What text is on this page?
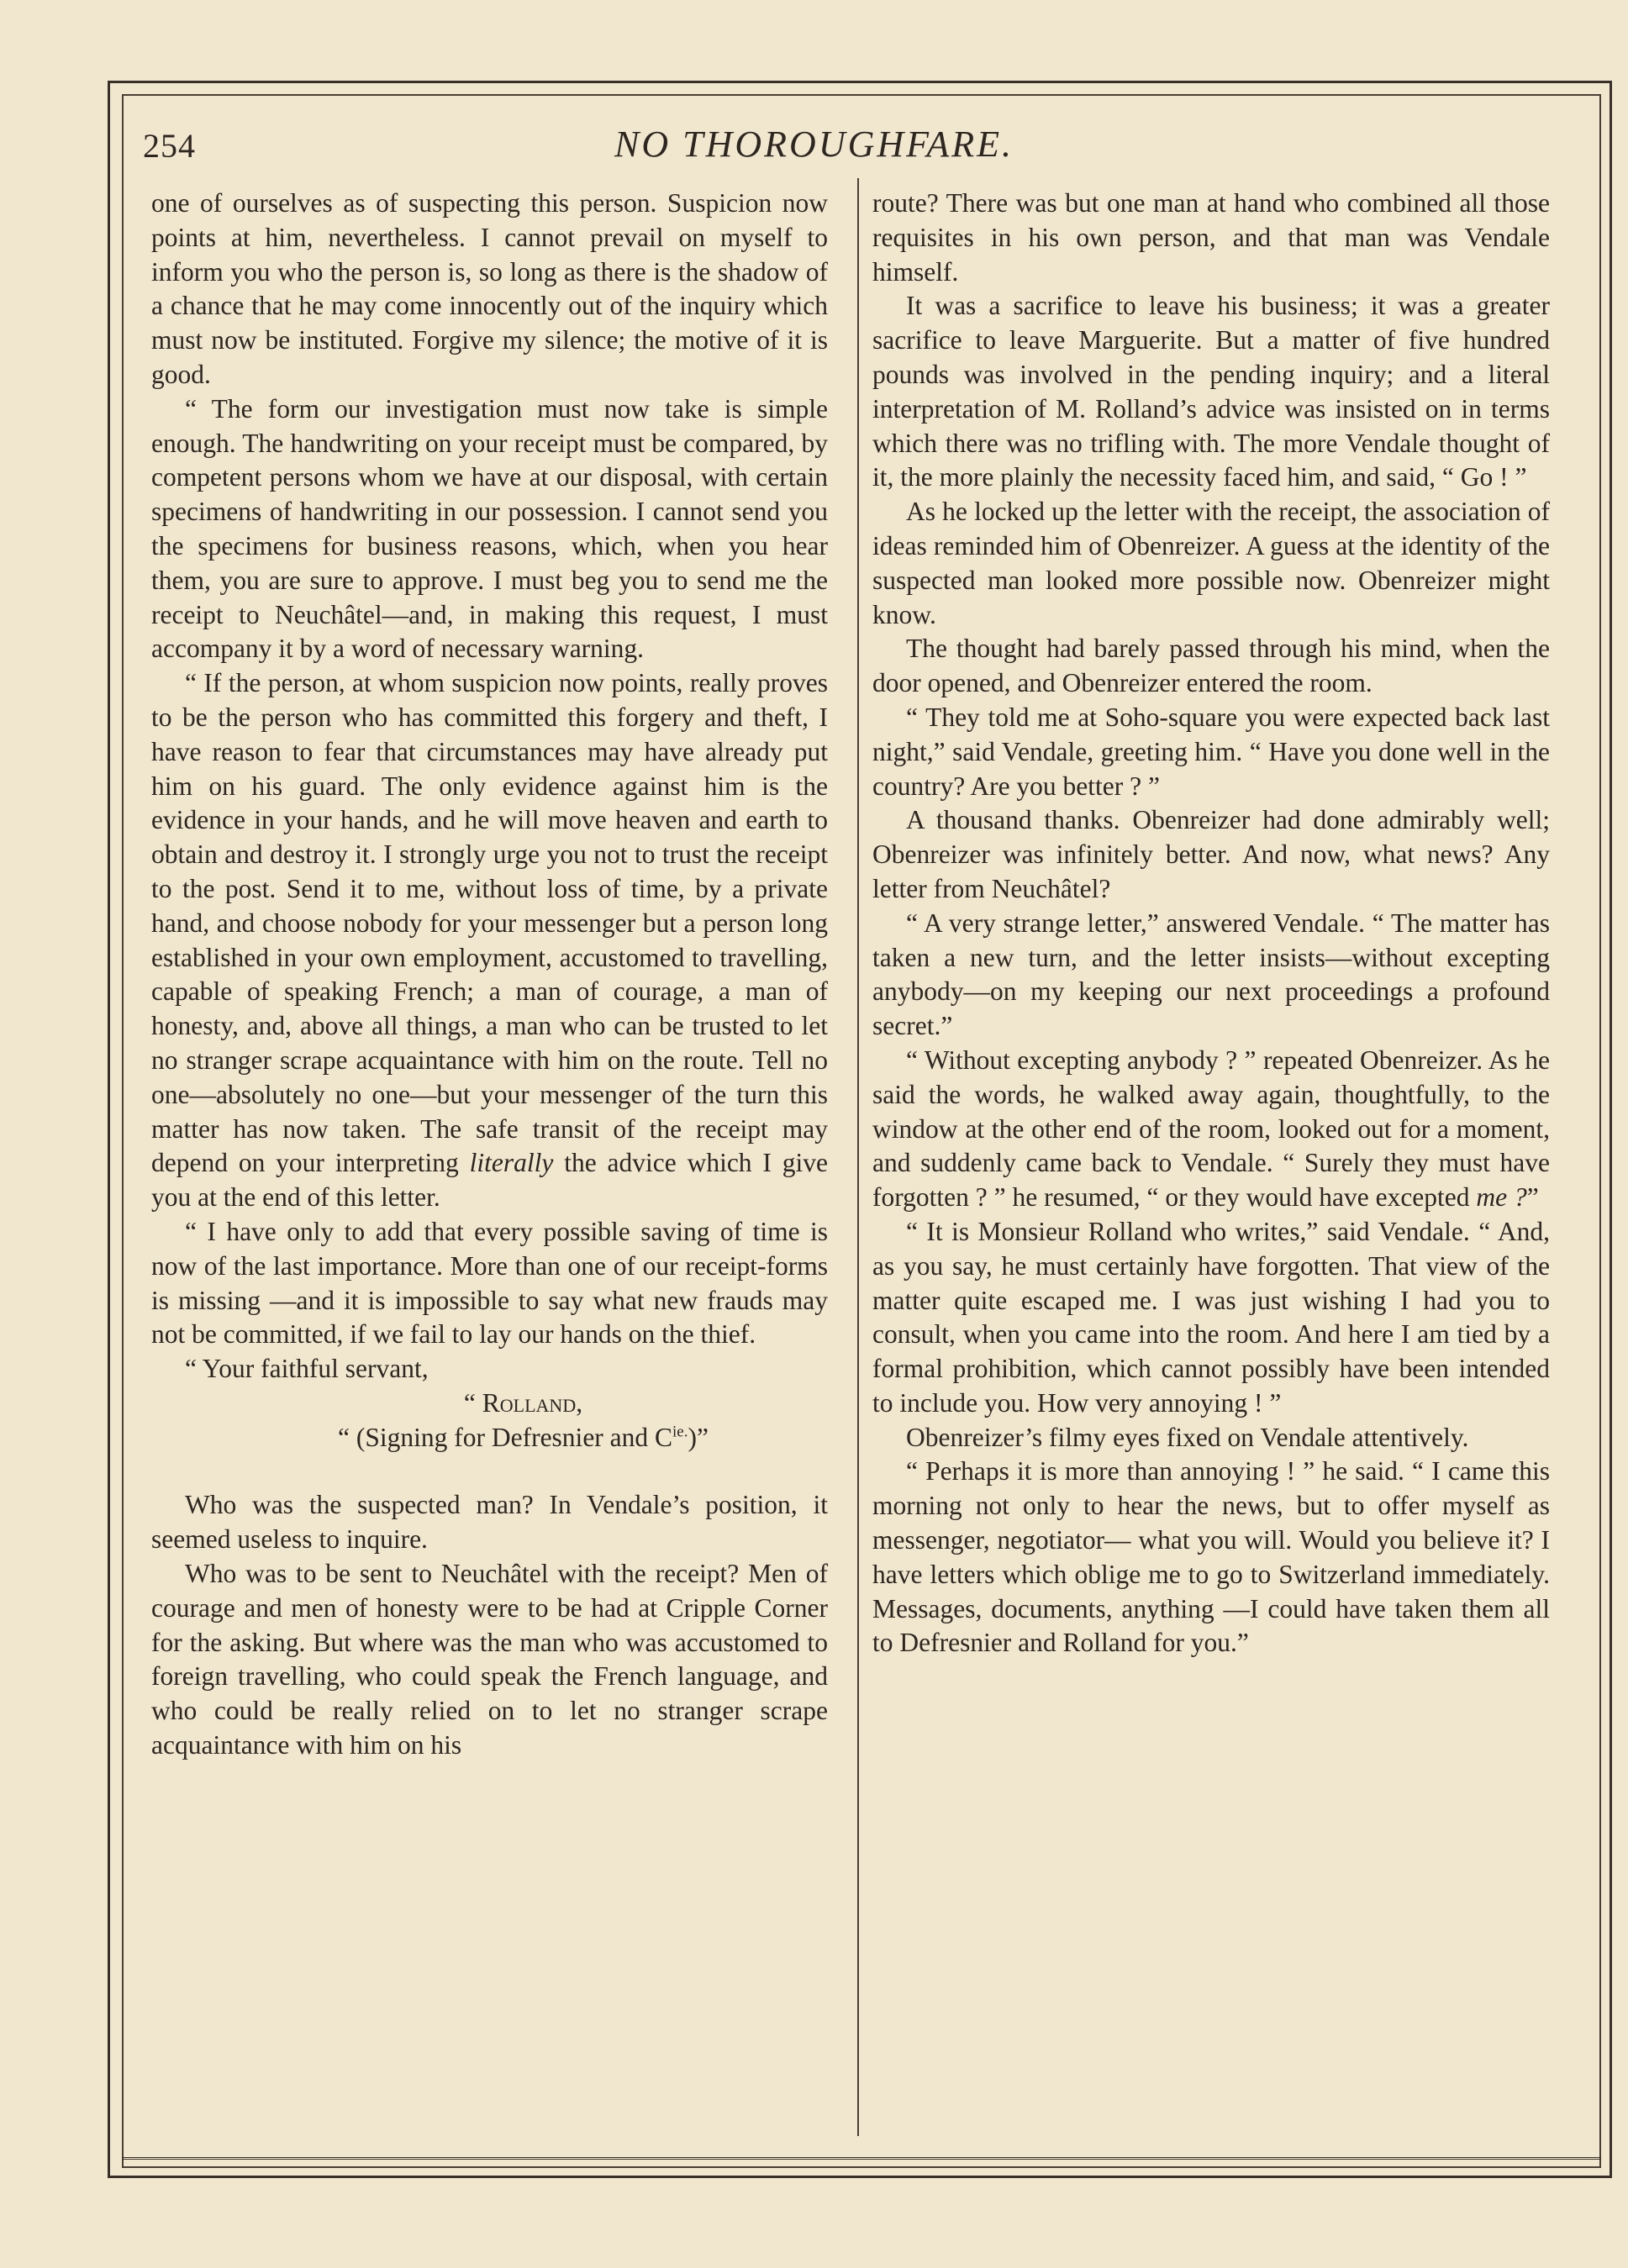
254	NO THOROUGHFARE.

one of ourselves as of suspecting this person. Suspicion now points at him, nevertheless. I cannot prevail on myself to inform you who the person is, so long as there is the shadow of a chance that he may come innocently out of the inquiry which must now be instituted. Forgive my silence; the motive of it is good.

“ The form our investigation must now take is simple enough. The handwriting on your receipt must be compared, by competent persons whom we have at our disposal, with certain specimens of handwriting in our possession. I cannot send you the specimens for business reasons, which, when you hear them, you are sure to approve. I must beg you to send me the receipt to Neuchâtel—and, in making this request, I must accompany it by a word of necessary warning.

“ If the person, at whom suspicion now points, really proves to be the person who has committed this forgery and theft, I have reason to fear that circumstances may have already put him on his guard. The only evidence against him is the evidence in your hands, and he will move heaven and earth to obtain and destroy it. I strongly urge you not to trust the receipt to the post. Send it to me, without loss of time, by a private hand, and choose nobody for your messenger but a person long established in your own employment, accustomed to travelling, capable of speaking French; a man of courage, a man of honesty, and, above all things, a man who can be trusted to let no stranger scrape acquaintance with him on the route. Tell no one—absolutely no one—but your messenger of the turn this matter has now taken. The safe transit of the receipt may depend on your interpreting literally the advice which I give you at the end of this letter.

“ I have only to add that every possible saving of time is now of the last importance. More than one of our receipt-forms is missing —and it is impossible to say what new frauds may not be committed, if we fail to lay our hands on the thief.

“ Your faithful servant,

“ Rolland,

“ (Signing for Defresnier and $C^{ie.}$)”

Who was the suspected man? In Vendale’s position, it seemed useless to inquire.

Who was to be sent to Neuchâtel with the receipt? Men of courage and men of honesty were to be had at Cripple Corner for the asking. But where was the man who was accustomed to foreign travelling, who could speak the French language, and who could be really relied on to let no stranger scrape acquaintance with him on his

route? There was but one man at hand who combined all those requisites in his own person, and that man was Vendale himself.

It was a sacrifice to leave his business; it was a greater sacrifice to leave Marguerite. But a matter of five hundred pounds was involved in the pending inquiry; and a literal interpretation of M. Rolland’s advice was insisted on in terms which there was no trifling with. The more Vendale thought of it, the more plainly the necessity faced him, and said, “ Go ! ”

As he locked up the letter with the receipt, the association of ideas reminded him of Obenreizer. A guess at the identity of the suspected man looked more possible now. Obenreizer might know.

The thought had barely passed through his mind, when the door opened, and Obenreizer entered the room.

“ They told me at Soho-square you were expected back last night,” said Vendale, greeting him. “ Have you done well in the country? Are you better ? ”

A thousand thanks. Obenreizer had done admirably well; Obenreizer was infinitely better. And now, what news? Any letter from Neuchâtel?

“ A very strange letter,” answered Vendale. “ The matter has taken a new turn, and the letter insists—without excepting anybody—on my keeping our next proceedings a profound secret.”

“ Without excepting anybody ? ” repeated Obenreizer. As he said the words, he walked away again, thoughtfully, to the window at the other end of the room, looked out for a moment, and suddenly came back to Vendale. “ Surely they must have forgotten ? ” he resumed, “ or they would have excepted me ?”

“ It is Monsieur Rolland who writes,” said Vendale. “ And, as you say, he must certainly have forgotten. That view of the matter quite escaped me. I was just wishing I had you to consult, when you came into the room. And here I am tied by a formal prohibition, which cannot possibly have been intended to include you. How very annoying ! ”

Obenreizer’s filmy eyes fixed on Vendale attentively.

“ Perhaps it is more than annoying ! ” he said. “ I came this morning not only to hear the news, but to offer myself as messenger, negotiator— what you will. Would you believe it? I have letters which oblige me to go to Switzerland immediately. Messages, documents, anything —I could have taken them all to Defresnier and Rolland for you.”
